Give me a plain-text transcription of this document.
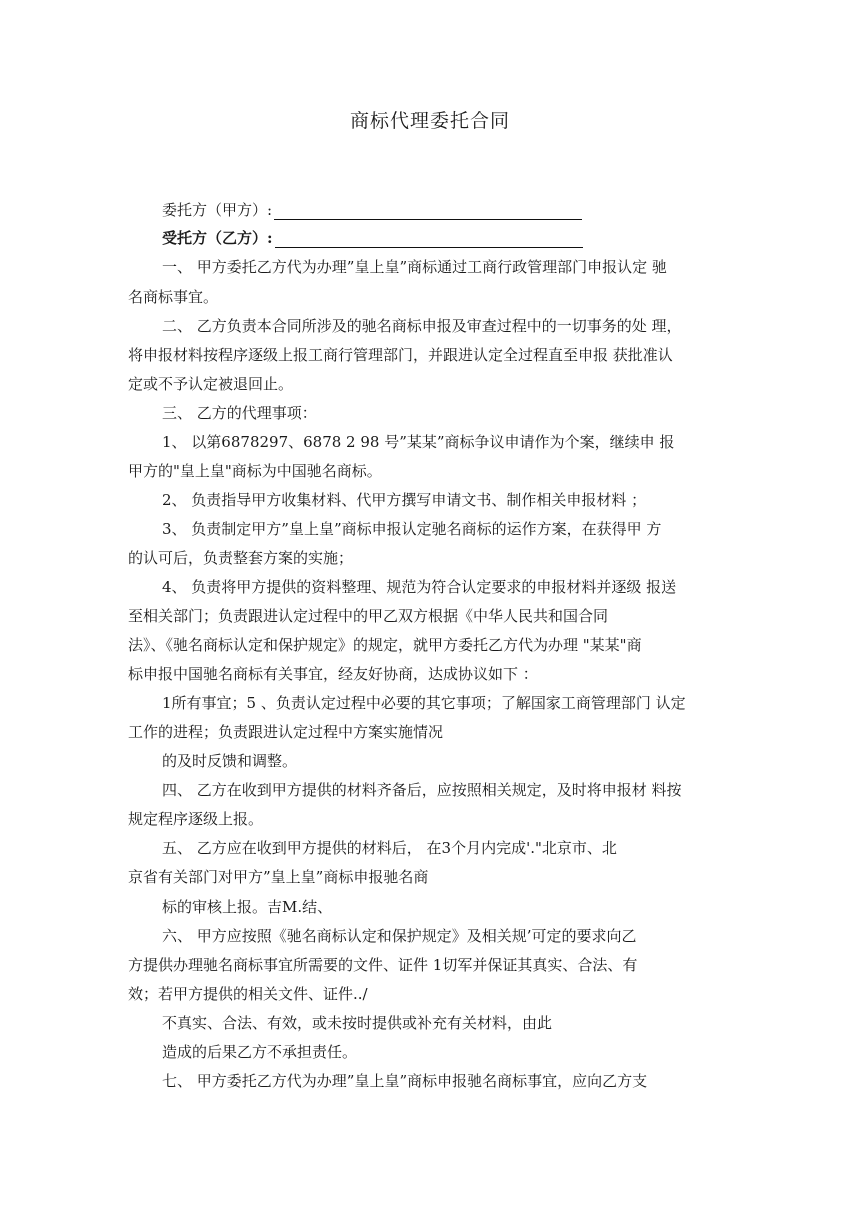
商标代理委托合同
委托方（甲方）:
受托方（乙方）:
一、 甲方委托乙方代为办理”皇上皇”商标通过工商行政管理部门申报认定 驰
名商标事宜。
二、 乙方负责本合同所涉及的驰名商标申报及审查过程中的一切事务的处 理，
将申报材料按程序逐级上报工商行管理部门，并跟进认定全过程直至申报 获批准认
定或不予认定被退回止。
三、 乙方的代理事项：
1、 以第6878297、6878 2 98 号”某某”商标争议申请作为个案，继续申 报
甲方的"皇上皇"商标为中国驰名商标。
2、 负责指导甲方收集材料、代甲方撰写申请文书、制作相关申报材料 ；
3、 负责制定甲方”皇上皇”商标申报认定驰名商标的运作方案，在获得甲 方
的认可后，负责整套方案的实施；
4、 负责将甲方提供的资料整理、规范为符合认定要求的申报材料并逐级 报送
至相关部门；负责跟进认定过程中的甲乙双方根据《中华人民共和国合同
法》、《驰名商标认定和保护规定》的规定，就甲方委托乙方代为办理 "某某"商
标申报中国驰名商标有关事宜，经友好协商，达成协议如下 ：
1所有事宜；5 、负责认定过程中必要的其它事项；了解国家工商管理部门 认定
工作的进程；负责跟进认定过程中方案实施情况
的及时反馈和调整。
四、 乙方在收到甲方提供的材料齐备后，应按照相关规定，及时将申报材 料按
规定程序逐级上报。
五、 乙方应在收到甲方提供的材料后， 在3个月内完成'."北京市、北
京省有关部门对甲方”皇上皇”商标申报驰名商
标的审核上报。吉M.结、
六、 甲方应按照《驰名商标认定和保护规定》及相关规’可定的要求向乙
方提供办理驰名商标事宜所需要的文件、证件 1切军并保证其真实、合法、有
效；若甲方提供的相关文件、证件../
不真实、合法、有效，或未按时提供或补充有关材料，由此
造成的后果乙方不承担责任。
七、 甲方委托乙方代为办理”皇上皇”商标申报驰名商标事宜，应向乙方支
